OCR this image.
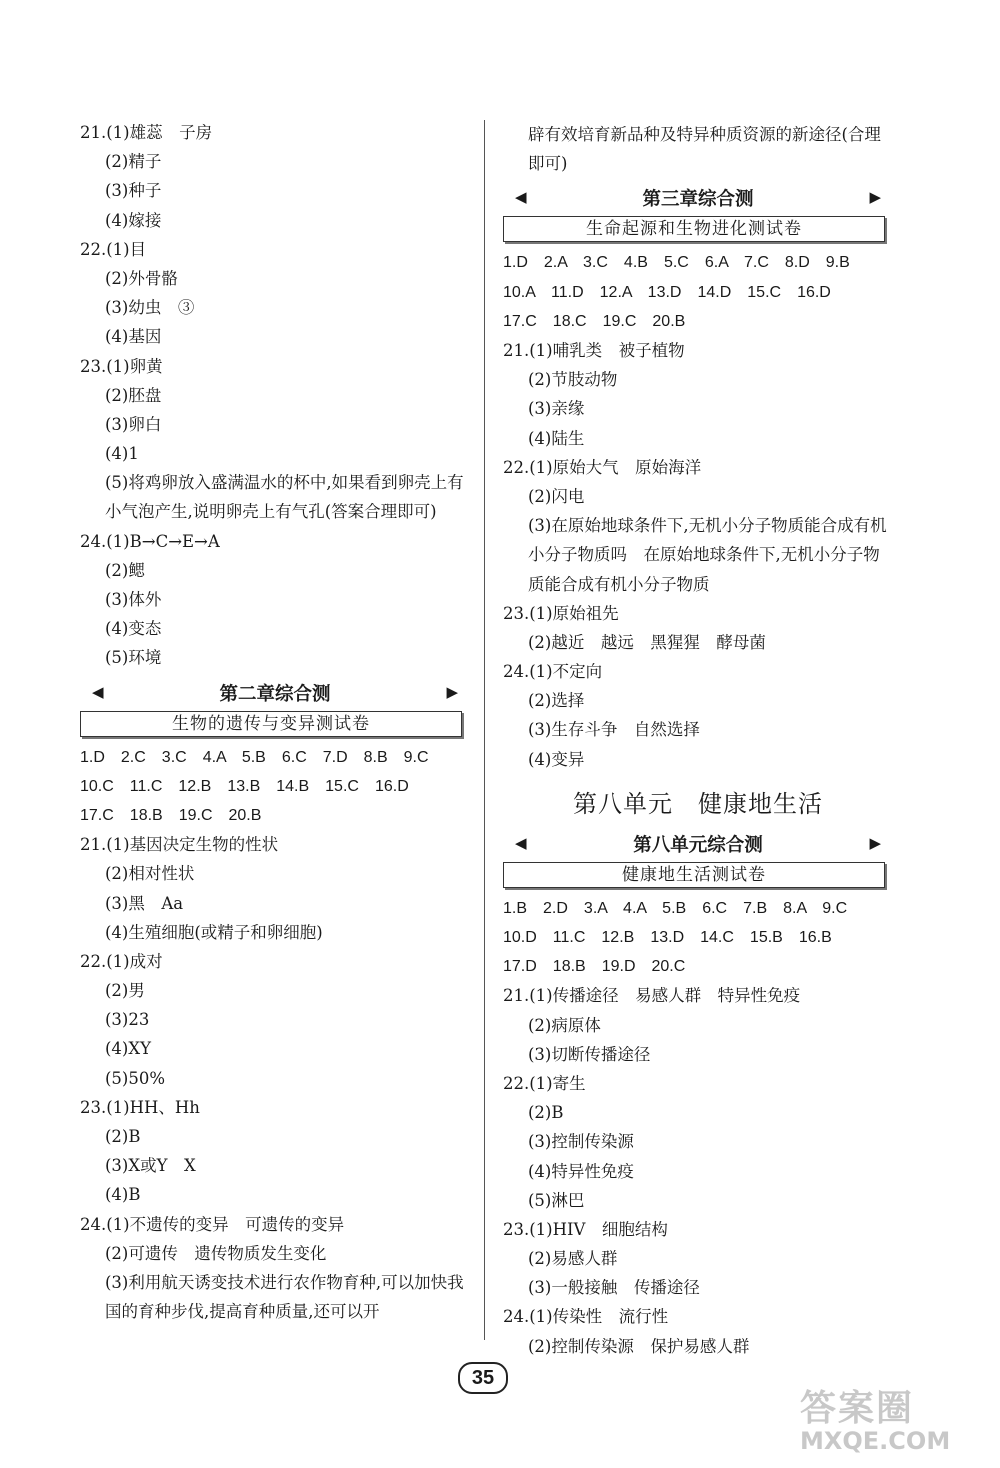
21.(1)雄蕊　子房
(2)精子
(3)种子
(4)嫁接
22.(1)目
(2)外骨骼
(3)幼虫　③
(4)基因
23.(1)卵黄
(2)胚盘
(3)卵白
(4)1
(5)将鸡卵放入盛满温水的杯中,如果看到卵壳上有小气泡产生,说明卵壳上有气孔(答案合理即可)
24.(1)B→C→E→A
(2)鳃
(3)体外
(4)变态
(5)环境
◀	第二章综合测	▶
生物的遗传与变异测试卷
1.D　2.C　3.C　4.A　5.B　6.C　7.D　8.B　9.C
10.C　11.C　12.B　13.B　14.B　15.C　16.D
17.C　18.B　19.C　20.B
21.(1)基因决定生物的性状
(2)相对性状
(3)黑　Aa
(4)生殖细胞(或精子和卵细胞)
22.(1)成对
(2)男
(3)23
(4)XY
(5)50%
23.(1)HH、Hh
(2)B
(3)X或Y　X
(4)B
24.(1)不遗传的变异　可遗传的变异
(2)可遗传　遗传物质发生变化
(3)利用航天诱变技术进行农作物育种,可以加快我国的育种步伐,提高育种质量,还可以开
辟有效培育新品种及特异种质资源的新途径(合理即可)
◀	第三章综合测	▶
生命起源和生物进化测试卷
1.D　2.A　3.C　4.B　5.C　6.A　7.C　8.D　9.B
10.A　11.D　12.A　13.D　14.D　15.C　16.D
17.C　18.C　19.C　20.B
21.(1)哺乳类　被子植物
(2)节肢动物
(3)亲缘
(4)陆生
22.(1)原始大气　原始海洋
(2)闪电
(3)在原始地球条件下,无机小分子物质能合成有机小分子物质吗　在原始地球条件下,无机小分子物质能合成有机小分子物质
23.(1)原始祖先
(2)越近　越远　黑猩猩　酵母菌
24.(1)不定向
(2)选择
(3)生存斗争　自然选择
(4)变异
第八单元　健康地生活
◀	第八单元综合测	▶
健康地生活测试卷
1.B　2.D　3.A　4.A　5.B　6.C　7.B　8.A　9.C
10.D　11.C　12.B　13.D　14.C　15.B　16.B
17.D　18.B　19.D　20.C
21.(1)传播途径　易感人群　特异性免疫
(2)病原体
(3)切断传播途径
22.(1)寄生
(2)B
(3)控制传染源
(4)特异性免疫
(5)淋巴
23.(1)HIV　细胞结构
(2)易感人群
(3)一般接触　传播途径
24.(1)传染性　流行性
(2)控制传染源　保护易感人群
35
答案圈
MXQE.COM
